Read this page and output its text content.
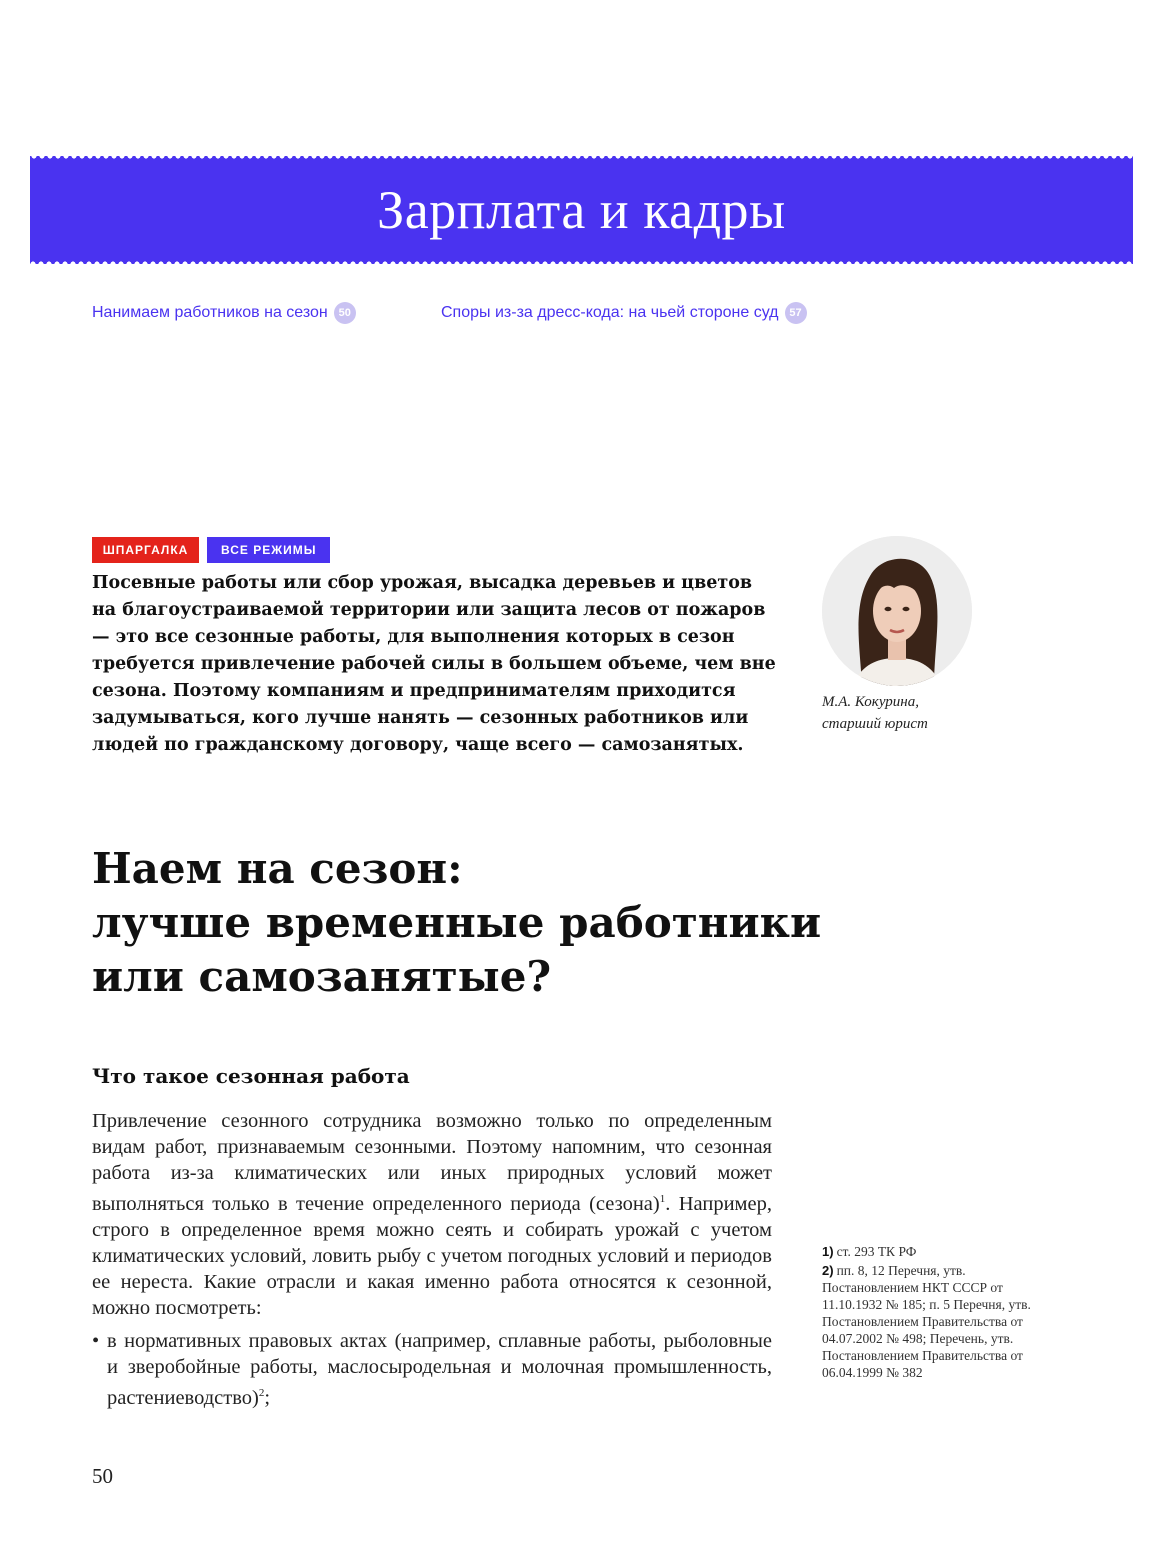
Зарплата и кадры
Нанимаем работников на сезон 50	Споры из-за дресс-кода: на чьей стороне суд 57
ШПАРГАЛКА	ВСЕ РЕЖИМЫ

Посевные работы или сбор урожая, высадка деревьев и цветов на благоустраиваемой территории или защита лесов от пожаров — это все сезонные работы, для выполнения которых в сезон требуется привлечение рабочей силы в большем объеме, чем вне сезона. Поэтому компаниям и предпринимателям приходится задумываться, кого лучше нанять — сезонных работников или людей по гражданскому договору, чаще всего — самозанятых.

М.А. Кокурина,
старший юрист
Наем на сезон:
лучше временные работники
или самозанятые?
Что такое сезонная работа

Привлечение сезонного сотрудника возможно только по определенным видам работ, признаваемым сезонными. Поэтому напомним, что сезонная работа из-за климатических или иных природных условий может выполняться только в течение определенного периода (сезона)$^1$. Например, строго в определенное время можно сеять и собирать урожай с учетом климатических условий, ловить рыбу с учетом погодных условий и периодов ее нереста. Какие отрасли и какая именно работа относятся к сезонной, можно посмотреть:

• в нормативных правовых актах (например, сплавные работы, рыболовные и зверобойные работы, маслосыродельная и молочная промышленность, растениеводство)$^2$;
1) ст. 293 ТК РФ
2) пп. 8, 12 Перечня, утв. Постановлением НКТ СССР от 11.10.1932 № 185; п. 5 Перечня, утв. Постановлением Правительства от 04.07.2002 № 498; Перечень, утв. Постановлением Правительства от 06.04.1999 № 382
50
